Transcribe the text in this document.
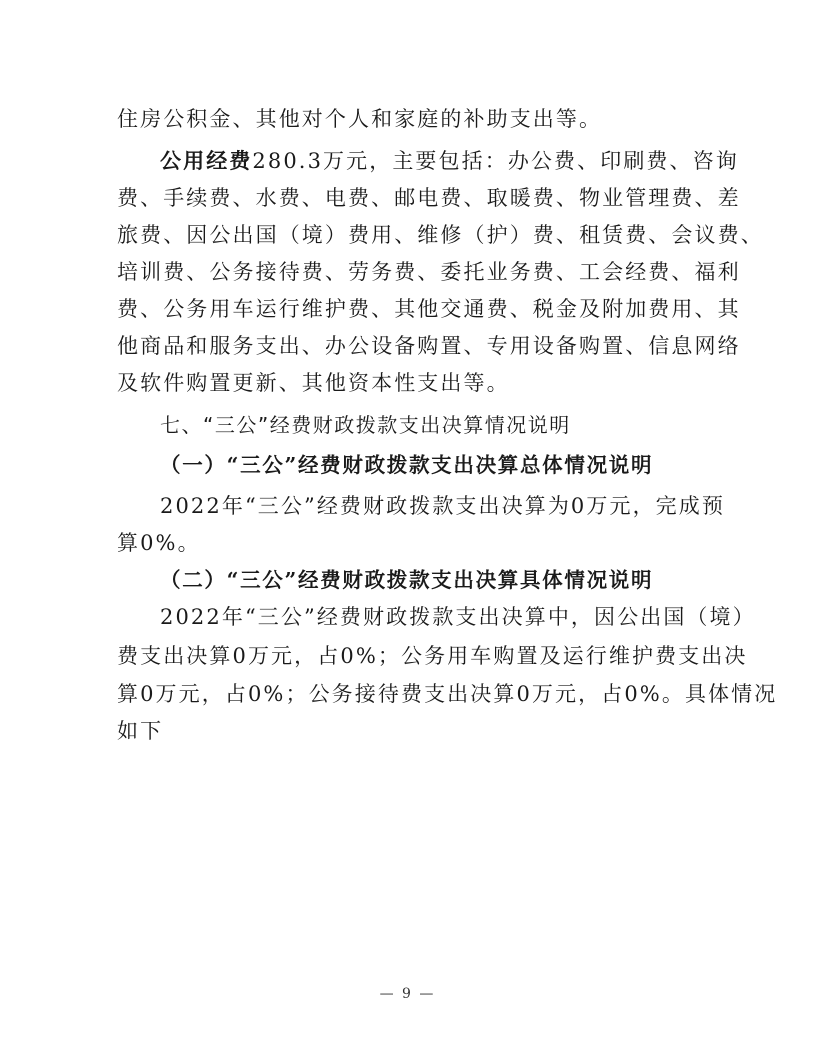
住房公积金、其他对个人和家庭的补助支出等。
公用经费280.3万元，主要包括：办公费、印刷费、咨询
费、手续费、水费、电费、邮电费、取暖费、物业管理费、差
旅费、因公出国（境）费用、维修（护）费、租赁费、会议费、
培训费、公务接待费、劳务费、委托业务费、工会经费、福利
费、公务用车运行维护费、其他交通费、税金及附加费用、其
他商品和服务支出、办公设备购置、专用设备购置、信息网络
及软件购置更新、其他资本性支出等。
七、“三公”经费财政拨款支出决算情况说明
（一）“三公”经费财政拨款支出决算总体情况说明
2022年“三公”经费财政拨款支出决算为0万元，完成预
算0%。
（二）“三公”经费财政拨款支出决算具体情况说明
2022年“三公”经费财政拨款支出决算中，因公出国（境）
费支出决算0万元，占0%；公务用车购置及运行维护费支出决
算0万元，占0%；公务接待费支出决算0万元，占0%。具体情况
如下
— 9 —
